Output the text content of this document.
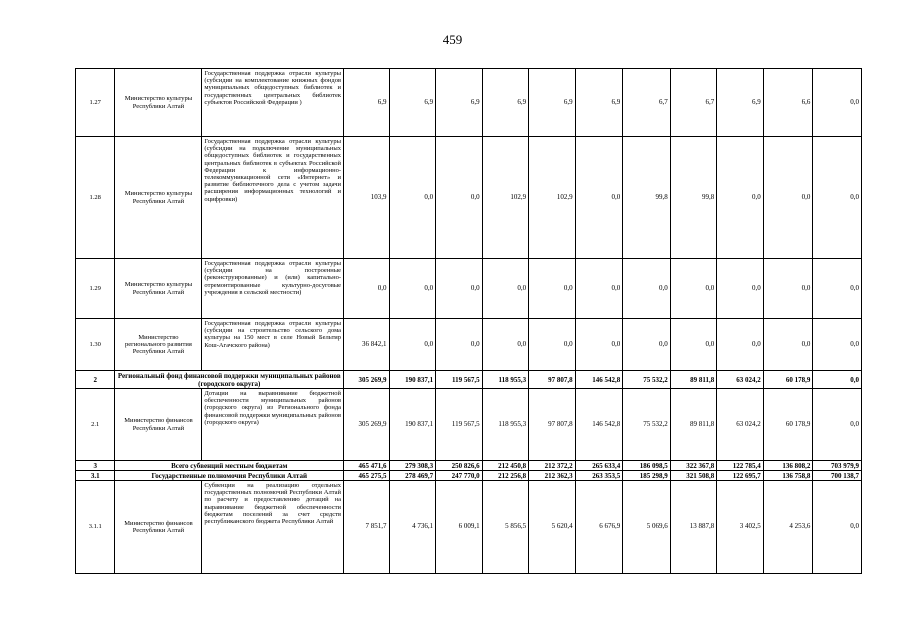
459
1.27	Министерство культуры Республики Алтай	Государственная поддержка отрасли культуры (субсидии на комплектование книжных фондов муниципальных общедоступных библиотек и государственных центральных библиотек субъектов Российской Федерации )	6,9	6,9	6,9	6,9	6,9	6,9	6,7	6,7	6,9	6,6	0,0
1.28	Министерство культуры Республики Алтай	Государственная поддержка отрасли культуры (субсидии на подключение муниципальных общедоступных библиотек и государственных центральных библиотек в субъектах Российской Федерации к информационно-телекоммуникационной сети «Интернет» и развитие библиотечного дела с учетом задачи расширения информационных технологий и оцифровки)	103,9	0,0	0,0	102,9	102,9	0,0	99,8	99,8	0,0	0,0	0,0
1.29	Министерство культуры Республики Алтай	Государственная поддержка отрасли культуры (субсидии на построенные (реконструированные) и (или) капитально-отремонтированные культурно-досуговые учреждения в сельской местности)	0,0	0,0	0,0	0,0	0,0	0,0	0,0	0,0	0,0	0,0	0,0
1.30	Министерство регионального развития Республики Алтай	Государственная поддержка отрасли культуры (субсидии на строительство сельского дома культуры на 150 мест в селе Новый Бельтир Кош-Агачского района)	36 842,1	0,0	0,0	0,0	0,0	0,0	0,0	0,0	0,0	0,0	0,0
2	Региональный фонд финансовой поддержки муниципальных районов (городского округа)		305 269,9	190 837,1	119 567,5	118 955,3	97 807,8	146 542,8	75 532,2	89 811,8	63 024,2	60 178,9	0,0
2.1	Министерство финансов Республики Алтай	Дотации на выравнивание бюджетной обеспеченности муниципальных районов (городского округа) из Регионального фонда финансовой поддержки муниципальных районов (городского округа)	305 269,9	190 837,1	119 567,5	118 955,3	97 807,8	146 542,8	75 532,2	89 811,8	63 024,2	60 178,9	0,0
3	Всего субвенций местным бюджетам		465 471,6	279 308,3	250 826,6	212 450,8	212 372,2	265 633,4	186 098,5	322 367,8	122 785,4	136 808,2	703 979,9
3.1	Государственные полномочия Республики Алтай		465 275,5	278 469,7	247 770,0	212 256,8	212 362,3	263 353,5	185 298,9	321 508,8	122 695,7	136 758,8	700 138,7
3.1.1	Министерство финансов Республики Алтай	Субвенции на реализацию отдельных государственных полномочий Республики Алтай по расчету и предоставлению дотаций на выравнивание бюджетной обеспеченности бюджетам поселений за счет средств республиканского бюджета Республики Алтай	7 851,7	4 736,1	6 009,1	5 856,5	5 620,4	6 676,9	5 069,6	13 887,8	3 402,5	4 253,6	0,0
